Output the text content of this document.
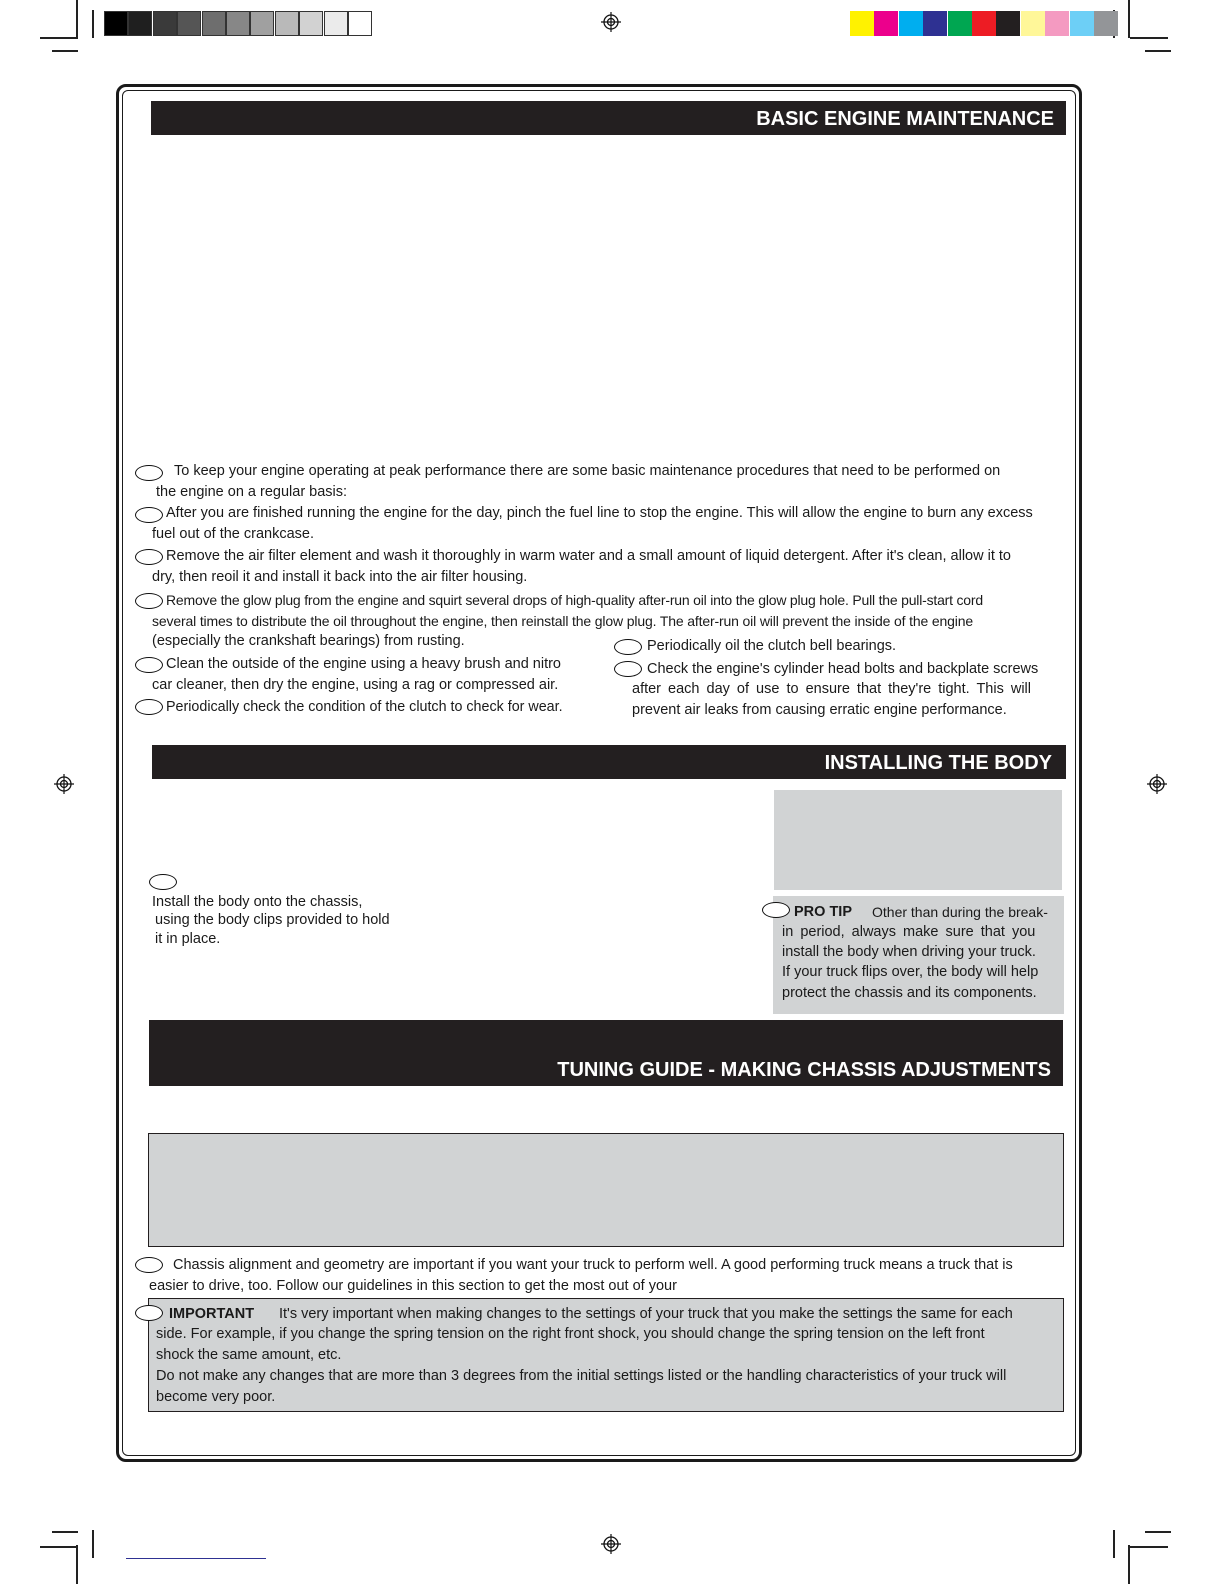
BASIC ENGINE MAINTENANCE
To keep your engine operating at peak performance there are some basic maintenance procedures that need to be performed on
the engine on a regular basis:
After you are finished running the engine for the day, pinch the fuel line to stop the engine. This will allow the engine to burn any excess
fuel out of the crankcase.
Remove the air filter element and wash it thoroughly in warm water and a small amount of liquid detergent. After it's clean, allow it to
dry, then reoil it and install it back into the air filter housing.
Remove the glow plug from the engine and squirt several drops of high-quality after-run oil into the glow plug hole. Pull the pull-start cord
several times to distribute the oil throughout the engine, then reinstall the glow plug. The after-run oil will prevent the inside of the engine
(especially the crankshaft bearings) from rusting.
Clean the outside of the engine using a heavy brush and nitro
car cleaner, then dry the engine, using a rag or compressed air.
Periodically check the condition of the clutch to check for wear.
Periodically oil the clutch bell bearings.
Check the engine's cylinder head bolts and backplate screws
after each day of use to ensure that they're tight. This will
prevent air leaks from causing erratic engine performance.
INSTALLING THE BODY
Install the body onto the chassis,
using the body clips provided to hold
it in place.
PRO TIP Other than during the break-
in period, always make sure that you
install the body when driving your truck.
If your truck flips over, the body will help
protect the chassis and its components.
TUNING GUIDE - MAKING CHASSIS ADJUSTMENTS
Chassis alignment and geometry are important if you want your truck to perform well. A good performing truck means a truck that is
easier to drive, too. Follow our guidelines in this section to get the most out of your
IMPORTANT It's very important when making changes to the settings of your truck that you make the settings the same for each
side. For example, if you change the spring tension on the right front shock, you should change the spring tension on the left front
shock the same amount, etc.
Do not make any changes that are more than 3 degrees from the initial settings listed or the handling characteristics of your truck will
become very poor.
